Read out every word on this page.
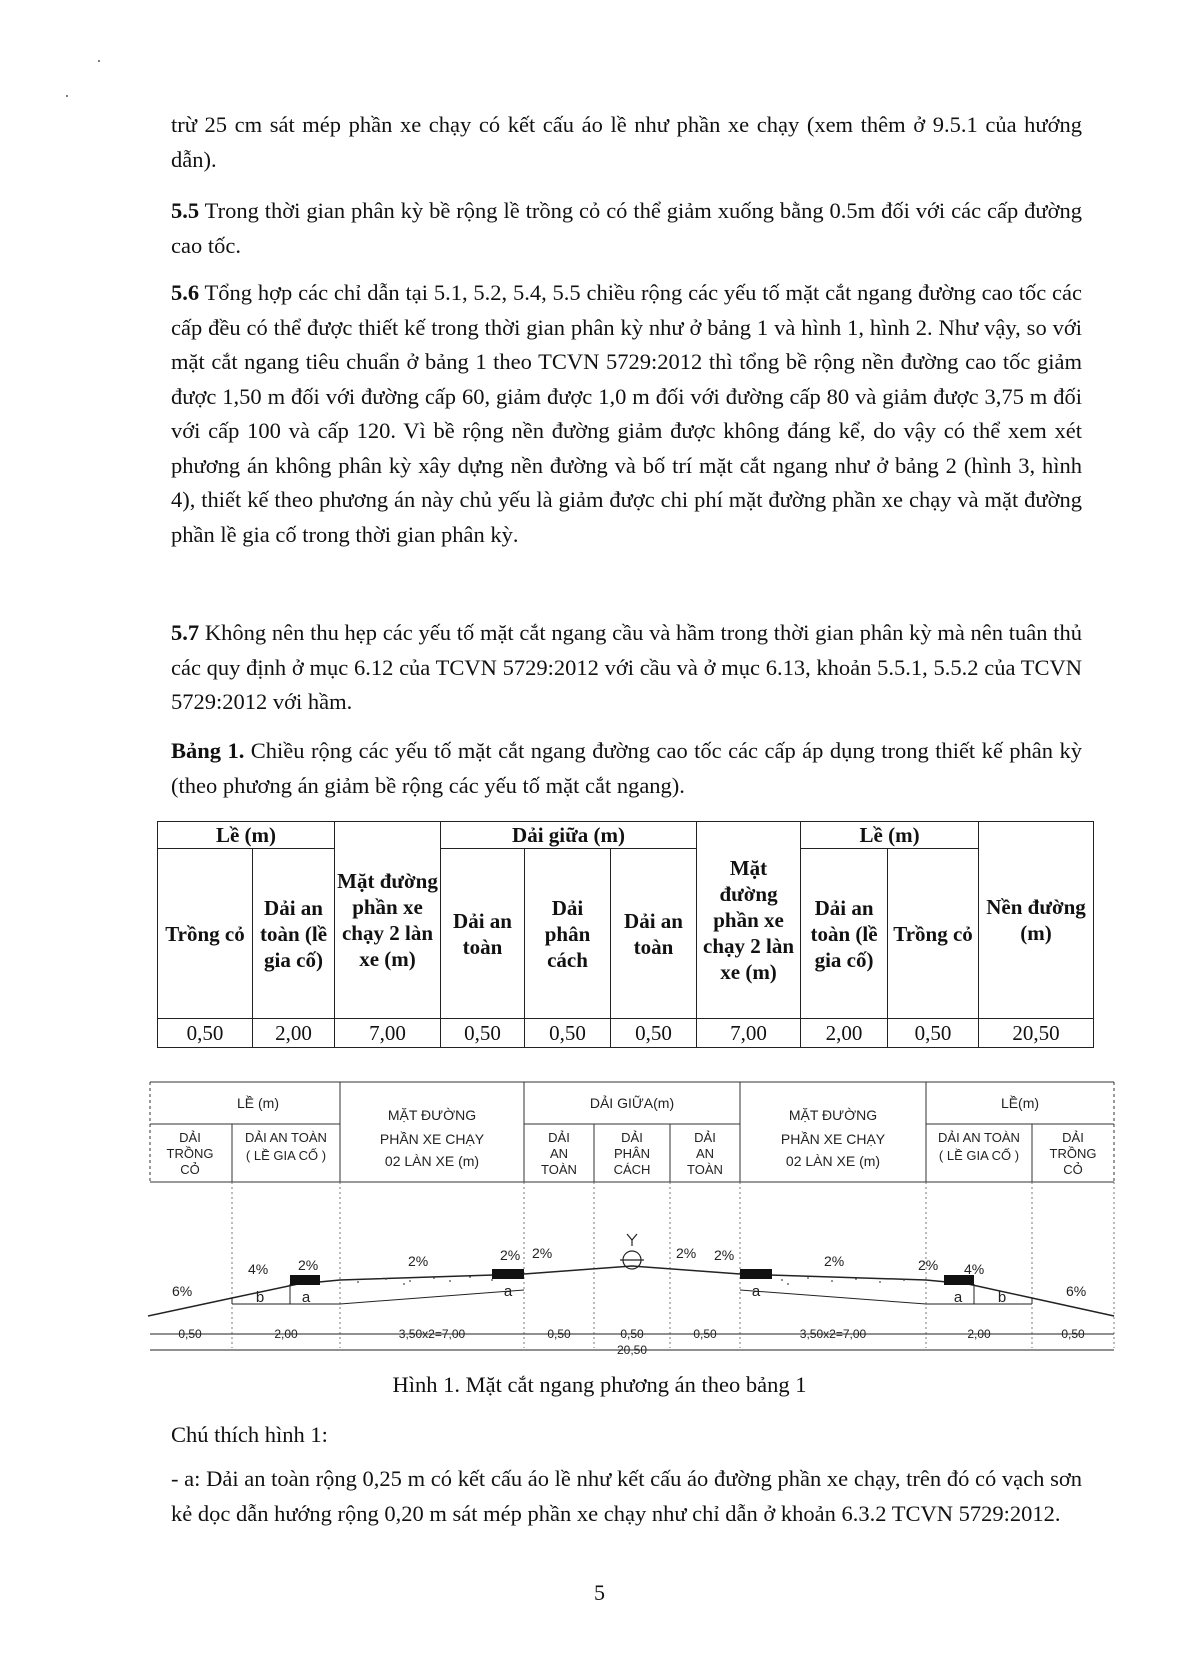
trừ 25 cm sát mép phần xe chạy có kết cấu áo lề như phần xe chạy (xem thêm ở 9.5.1 của hướng dẫn).

5.5 Trong thời gian phân kỳ bề rộng lề trồng cỏ có thể giảm xuống bằng 0.5m đối với các cấp đường cao tốc.

5.6 Tổng hợp các chỉ dẫn tại 5.1, 5.2, 5.4, 5.5 chiều rộng các yếu tố mặt cắt ngang đường cao tốc các cấp đều có thể được thiết kế trong thời gian phân kỳ như ở bảng 1 và hình 1, hình 2. Như vậy, so với mặt cắt ngang tiêu chuẩn ở bảng 1 theo TCVN 5729:2012 thì tổng bề rộng nền đường cao tốc giảm được 1,50 m đối với đường cấp 60, giảm được 1,0 m đối với đường cấp 80 và giảm được 3,75 m đối với cấp 100 và cấp 120. Vì bề rộng nền đường giảm được không đáng kể, do vậy có thể xem xét phương án không phân kỳ xây dựng nền đường và bố trí mặt cắt ngang như ở bảng 2 (hình 3, hình 4), thiết kế theo phương án này chủ yếu là giảm được chi phí mặt đường phần xe chạy và mặt đường phần lề gia cố trong thời gian phân kỳ.

5.7 Không nên thu hẹp các yếu tố mặt cắt ngang cầu và hầm trong thời gian phân kỳ mà nên tuân thủ các quy định ở mục 6.12 của TCVN 5729:2012 với cầu và ở mục 6.13, khoản 5.5.1, 5.5.2 của TCVN 5729:2012 với hầm.

Bảng 1. Chiều rộng các yếu tố mặt cắt ngang đường cao tốc các cấp áp dụng trong thiết kế phân kỳ (theo phương án giảm bề rộng các yếu tố mặt cắt ngang).

Lề (m)		Mặt đường phần xe chạy 2 làn xe (m)	Dải giữa (m)			Mặt đường phần xe chạy 2 làn xe (m)	Lề (m)		Nền đường (m)
Trồng cỏ	Dải an toàn (lề gia cố)		Dải an toàn	Dải phân cách	Dải an toàn		Dải an toàn (lề gia cố)	Trồng cỏ	
0,50	2,00	7,00	0,50	0,50	0,50	7,00	2,00	0,50	20,50
LỀ (m)
MẶT ĐƯỜNG
PHẦN XE CHẠY
02 LÀN XE (m)
DẢI GIỮA(m)
MẶT ĐƯỜNG
PHẦN XE CHẠY
02 LÀN XE (m)
LỀ(m)
DẢI
TRỒNG
CỎ
DẢI AN TOÀN
( LỀ GIA CỐ )
DẢI
AN
TOÀN
DẢI
PHÂN
CÁCH
DẢI
AN
TOÀN
DẢI AN TOÀN
( LỀ GIA CỐ )
DẢI
TRỒNG
CỎ
6%
4% 2%	2%	2% 2%	2% 2%	2%	2% 4%
6%
b	a	a	a	a b
0,50	2,00	3,50x2=7,00	0,50	0,50	0,50	3,50x2=7,00	2,00	0,50
20,50
Hình 1. Mặt cắt ngang phương án theo bảng 1

Chú thích hình 1:

- a: Dải an toàn rộng 0,25 m có kết cấu áo lề như kết cấu áo đường phần xe chạy, trên đó có vạch sơn kẻ dọc dẫn hướng rộng 0,20 m sát mép phần xe chạy như chỉ dẫn ở khoản 6.3.2 TCVN 5729:2012.

5
